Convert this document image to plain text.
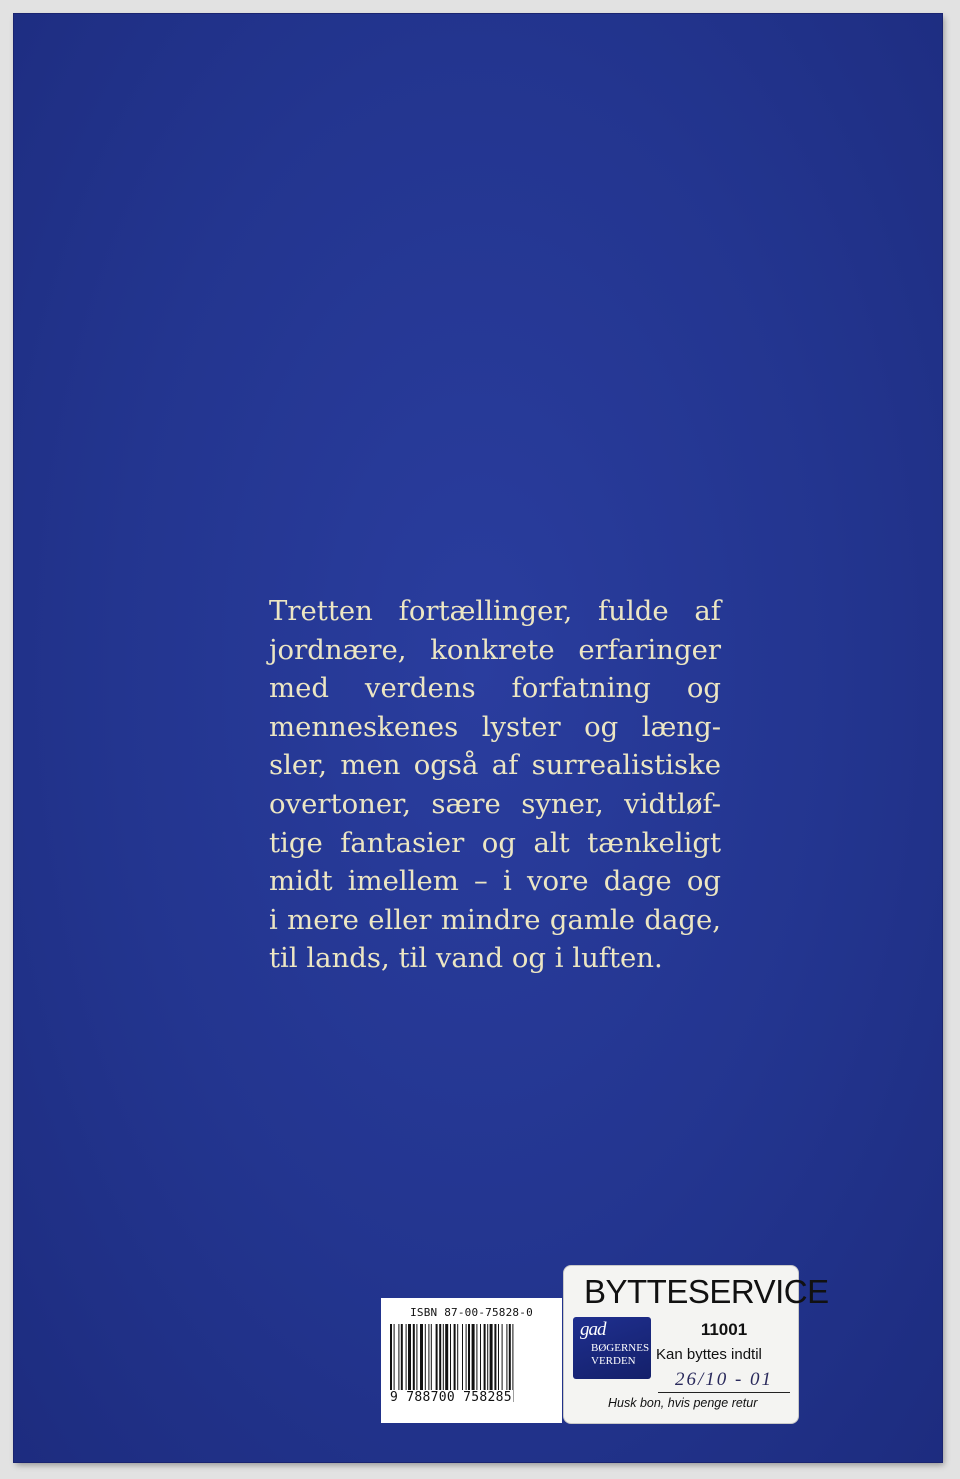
Tretten fortællinger, fulde af
jordnære, konkrete erfaringer
med verdens forfatning og
menneskenes lyster og læng-
sler, men også af surrealistiske
overtoner, sære syner, vidtløf-
tige fantasier og alt tænkeligt
midt imellem – i vore dage og
i mere eller mindre gamle dage,
til lands, til vand og i luften.

ISBN 87-00-75828-0
9 788700 758285
BYTTESERVICE
gad
BØGERNES
VERDEN
11001
Kan byttes indtil
26/10 - 01
Husk bon, hvis penge retur
